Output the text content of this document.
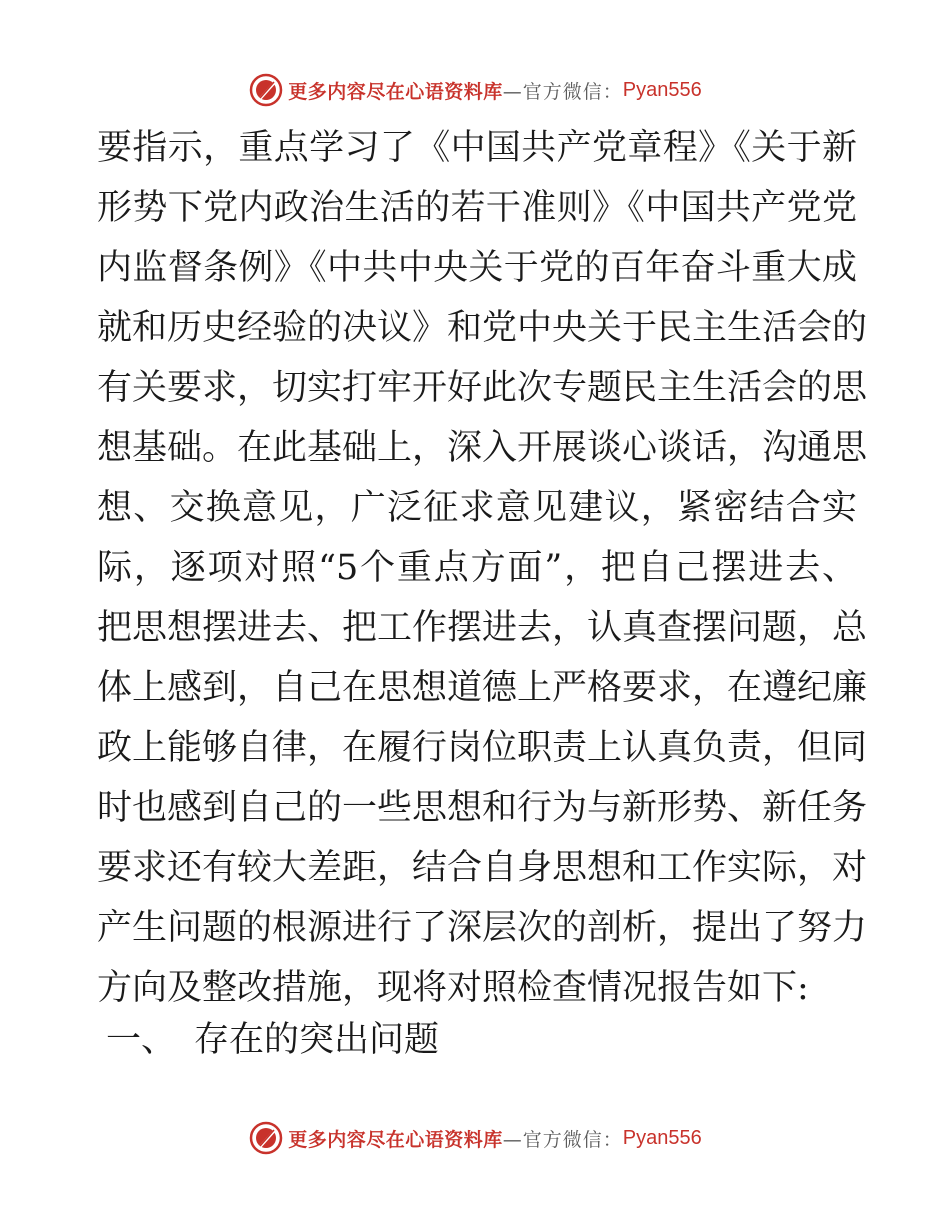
更多内容尽在心语资料库 —官方微信： Pyan556
要指示，重点学习了《中国共产党章程》《关于新
形势下党内政治生活的若干准则》《中国共产党党
内监督条例》《中共中央关于党的百年奋斗重大成
就和历史经验的决议》和党中央关于民主生活会的
有关要求，切实打牢开好此次专题民主生活会的思
想基础。在此基础上，深入开展谈心谈话，沟通思
想、交换意见，广泛征求意见建议，紧密结合实
际，逐项对照“5个重点方面”，把自己摆进去、
把思想摆进去、把工作摆进去，认真查摆问题，总
体上感到，自己在思想道德上严格要求，在遵纪廉
政上能够自律，在履行岗位职责上认真负责，但同
时也感到自己的一些思想和行为与新形势、新任务
要求还有较大差距，结合自身思想和工作实际，对
产生问题的根源进行了深层次的剖析，提出了努力
方向及整改措施，现将对照检查情况报告如下:
一、 存在的突出问题
更多内容尽在心语资料库 —官方微信： Pyan556
